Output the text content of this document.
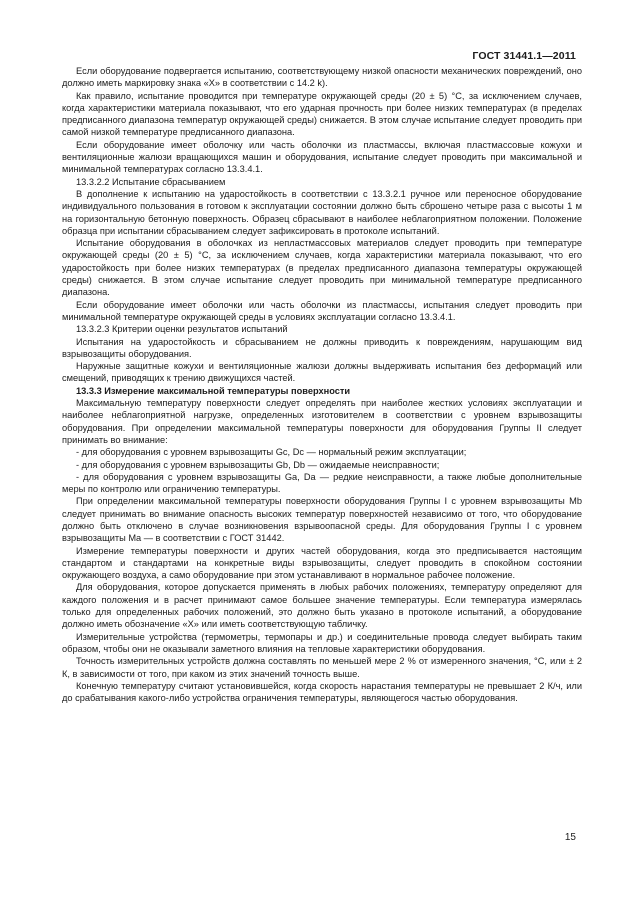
ГОСТ 31441.1—2011

Если оборудование подвергается испытанию, соответствующему низкой опасности механических повреждений, оно должно иметь маркировку знака «X» в соответствии с 14.2 k).

Как правило, испытание проводится при температуре окружающей среды (20 ± 5) °С, за исключением случаев, когда характеристики материала показывают, что его ударная прочность при более низких температурах (в пределах предписанного диапазона температур окружающей среды) снижается. В этом случае испытание следует проводить при самой низкой температуре предписанного диапазона.

Если оборудование имеет оболочку или часть оболочки из пластмассы, включая пластмассовые кожухи и вентиляционные жалюзи вращающихся машин и оборудования, испытание следует проводить при максимальной и минимальной температурах согласно 13.3.4.1.

13.3.2.2 Испытание сбрасыванием

В дополнение к испытанию на ударостойкость в соответствии с 13.3.2.1 ручное или переносное оборудование индивидуального пользования в готовом к эксплуатации состоянии должно быть сброшено четыре раза с высоты 1 м на горизонтальную бетонную поверхность. Образец сбрасывают в наиболее неблагоприятном положении. Положение образца при испытании сбрасыванием следует зафиксировать в протоколе испытаний.

Испытание оборудования в оболочках из непластмассовых материалов следует проводить при температуре окружающей среды (20 ± 5) °С, за исключением случаев, когда характеристики материала показывают, что его ударостойкость при более низких температурах (в пределах предписанного диапазона температуры окружающей среды) снижается. В этом случае испытание следует проводить при минимальной температуре предписанного диапазона.

Если оборудование имеет оболочки или часть оболочки из пластмассы, испытания следует проводить при минимальной температуре окружающей среды в условиях эксплуатации согласно 13.3.4.1.

13.3.2.3 Критерии оценки результатов испытаний

Испытания на ударостойкость и сбрасыванием не должны приводить к повреждениям, нарушающим вид взрывозащиты оборудования.

Наружные защитные кожухи и вентиляционные жалюзи должны выдерживать испытания без деформаций или смещений, приводящих к трению движущихся частей.

13.3.3 Измерение максимальной температуры поверхности

Максимальную температуру поверхности следует определять при наиболее жестких условиях эксплуатации и наиболее неблагоприятной нагрузке, определенных изготовителем в соответствии с уровнем взрывозащиты оборудования. При определении максимальной температуры поверхности для оборудования Группы II следует принимать во внимание:

- для оборудования с уровнем взрывозащиты Gc, Dc — нормальный режим эксплуатации;

- для оборудования с уровнем взрывозащиты Gb, Db — ожидаемые неисправности;

- для оборудования с уровнем взрывозащиты Ga, Da — редкие неисправности, а также любые дополнительные меры по контролю или ограничению температуры.

При определении максимальной температуры поверхности оборудования Группы I с уровнем взрывозащиты Mb следует принимать во внимание опасность высоких температур поверхностей независимо от того, что оборудование должно быть отключено в случае возникновения взрывоопасной среды. Для оборудования Группы I с уровнем взрывозащиты Ma — в соответствии с ГОСТ 31442.

Измерение температуры поверхности и других частей оборудования, когда это предписывается настоящим стандартом и стандартами на конкретные виды взрывозащиты, следует проводить в спокойном состоянии окружающего воздуха, а само оборудование при этом устанавливают в нормальное рабочее положение.

Для оборудования, которое допускается применять в любых рабочих положениях, температуру определяют для каждого положения и в расчет принимают самое большее значение температуры. Если температура измерялась только для определенных рабочих положений, это должно быть указано в протоколе испытаний, а оборудование должно иметь обозначение «X» или иметь соответствующую табличку.

Измерительные устройства (термометры, термопары и др.) и соединительные провода следует выбирать таким образом, чтобы они не оказывали заметного влияния на тепловые характеристики оборудования.

Точность измерительных устройств должна составлять по меньшей мере 2 % от измеренного значения, °С, или ± 2 К, в зависимости от того, при каком из этих значений точность выше.

Конечную температуру считают установившейся, когда скорость нарастания температуры не превышает 2 К/ч, или до срабатывания какого-либо устройства ограничения температуры, являющегося частью оборудования.

15
